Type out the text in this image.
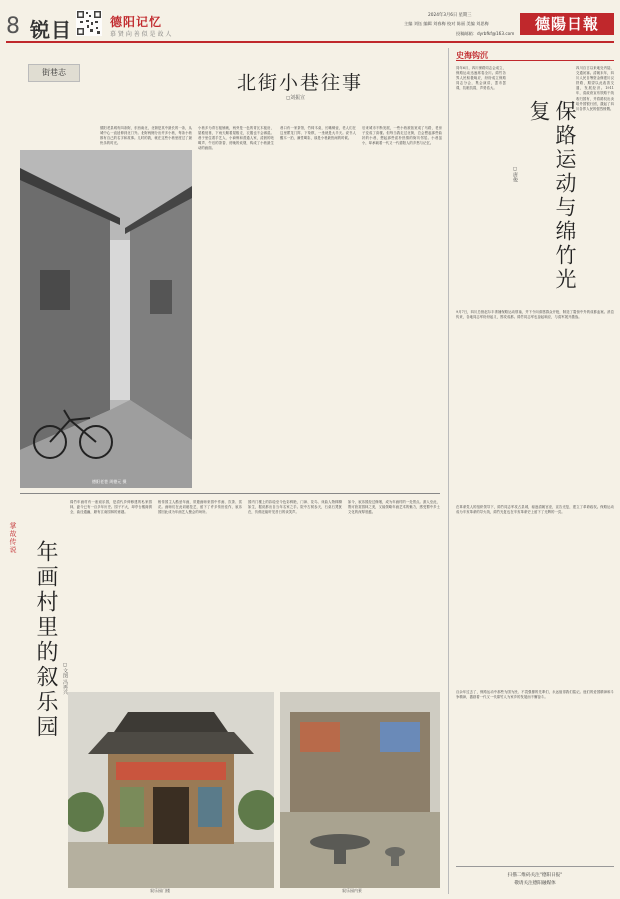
8 锐目	德阳记忆
慕 贤 向 善 似 是 故 人
2024年3月6日 星期三
主编 刘钰 编辑 刘春梅 校对 陈丽 美编 刘思梅
投稿邮箱：dyrbfkf@163.com
德陽日報
街巷志	北街小巷往事
◻刘振宣
德阳老巷 周德元 摄
德阳老县城有四条街，东西南北，北街是其中最长的一条，从城中心一直延伸到北门外。北街两侧分出许多小巷，每条小巷都有自己的名字和故事。儿时的我，就在这些小巷里度过了最快乐的时光。
小巷多为青石板铺就，两旁是一色的青瓦木板房，屋檐低垂，下雨天顺着屋檐走，衣服也不会淋湿。巷子里住着手艺人、小商贩和普通人家，清晨的吆喝声、午后的茶香、傍晚的炊烟，构成了小巷最生动的画面。
巷口有一家茶馆，竹椅木桌，长嘴铜壶，老人们在这里摆龙门阵、下象棋，一坐就是大半天。说书人醒木一拍，满堂喝彩，那是小巷最热闹的时候。
后来城市不断发展，一些小巷被拓宽成了马路，老房子变成了高楼。但每当我走过北街，总会想起那些曲折的小巷，想起那些质朴热情的街坊邻居。小巷虽小，却承载着一代又一代德阳人的乡愁与记忆。
掌故传说
年画村里的叙乐园 ◻文图 冯再兴
绵竹年画村有一座叙乐园，是清代乡绅修建的私家园林，距今已有一百多年历史。园子不大，却亭台楼阁俱全，曲径通幽，颇有江南园林的意趣。
相传园主人酷爱年画，常邀画师来园中作画、饮茶、赏花。画师们在此切磋技艺，留下了许多传世佳作，叙乐园因此成为年画艺人聚会的场所。
园内门楼上的彩绘至今色彩鲜艳，门神、花鸟、戏曲人物栩栩如生，据说都出自当年名家之手。院中古树参天，石桌石凳犹在，仿佛还能听见昔日的谈笑声。
如今，叙乐园经过修缮，成为年画村的一处景点。游人至此，既可欣赏园林之美，又能领略年画艺术的魅力，感受蜀中乡土文化的深厚底蕴。
叙乐园门楼	叙乐园内景
史海钩沉
保路运动与绵竹光复
◻唐俊
四川自古以来地处内陆，交通闭塞。清朝末年，四川人民自筹资金修建川汉铁路，期望以此改善交通，发展经济。1911年，清政府宣布铁路干线收归国有，并将路权出卖给外国银行团，激起了四川各界人民的强烈愤慨。
同年6月，四川保路同志会成立，保路运动迅速席卷全川。绵竹各界人民积极响应，纷纷成立保路同志分会，集会演讲，罢市罢课，抗粮抗捐，声势浩大。
9月7日，四川总督赵尔丰诱捕保路运动领袖，并下令向请愿群众开枪，制造了震惊中外的成都血案。消息传来，各地同志军纷纷起义，围攻成都。绵竹同志军也奋起响应，与清军展开激战。
在革命党人的组织领导下，绵竹同志军攻占县城，驱逐清朝官吏，宣告光复，建立了革命政权。保路运动成为辛亥革命的导火线，绵竹光复也在辛亥革命史上留下了光辉的一页。
百余年过去了，保路运动中那些为国为民、不畏强暴的先辈们，永远值得我们铭记。他们的爱国精神和斗争精神，激励着一代又一代绵竹人为家乡的发展而不懈奋斗。
扫描二维码关注"德阳日报"
敬请关注德阳融媒体
